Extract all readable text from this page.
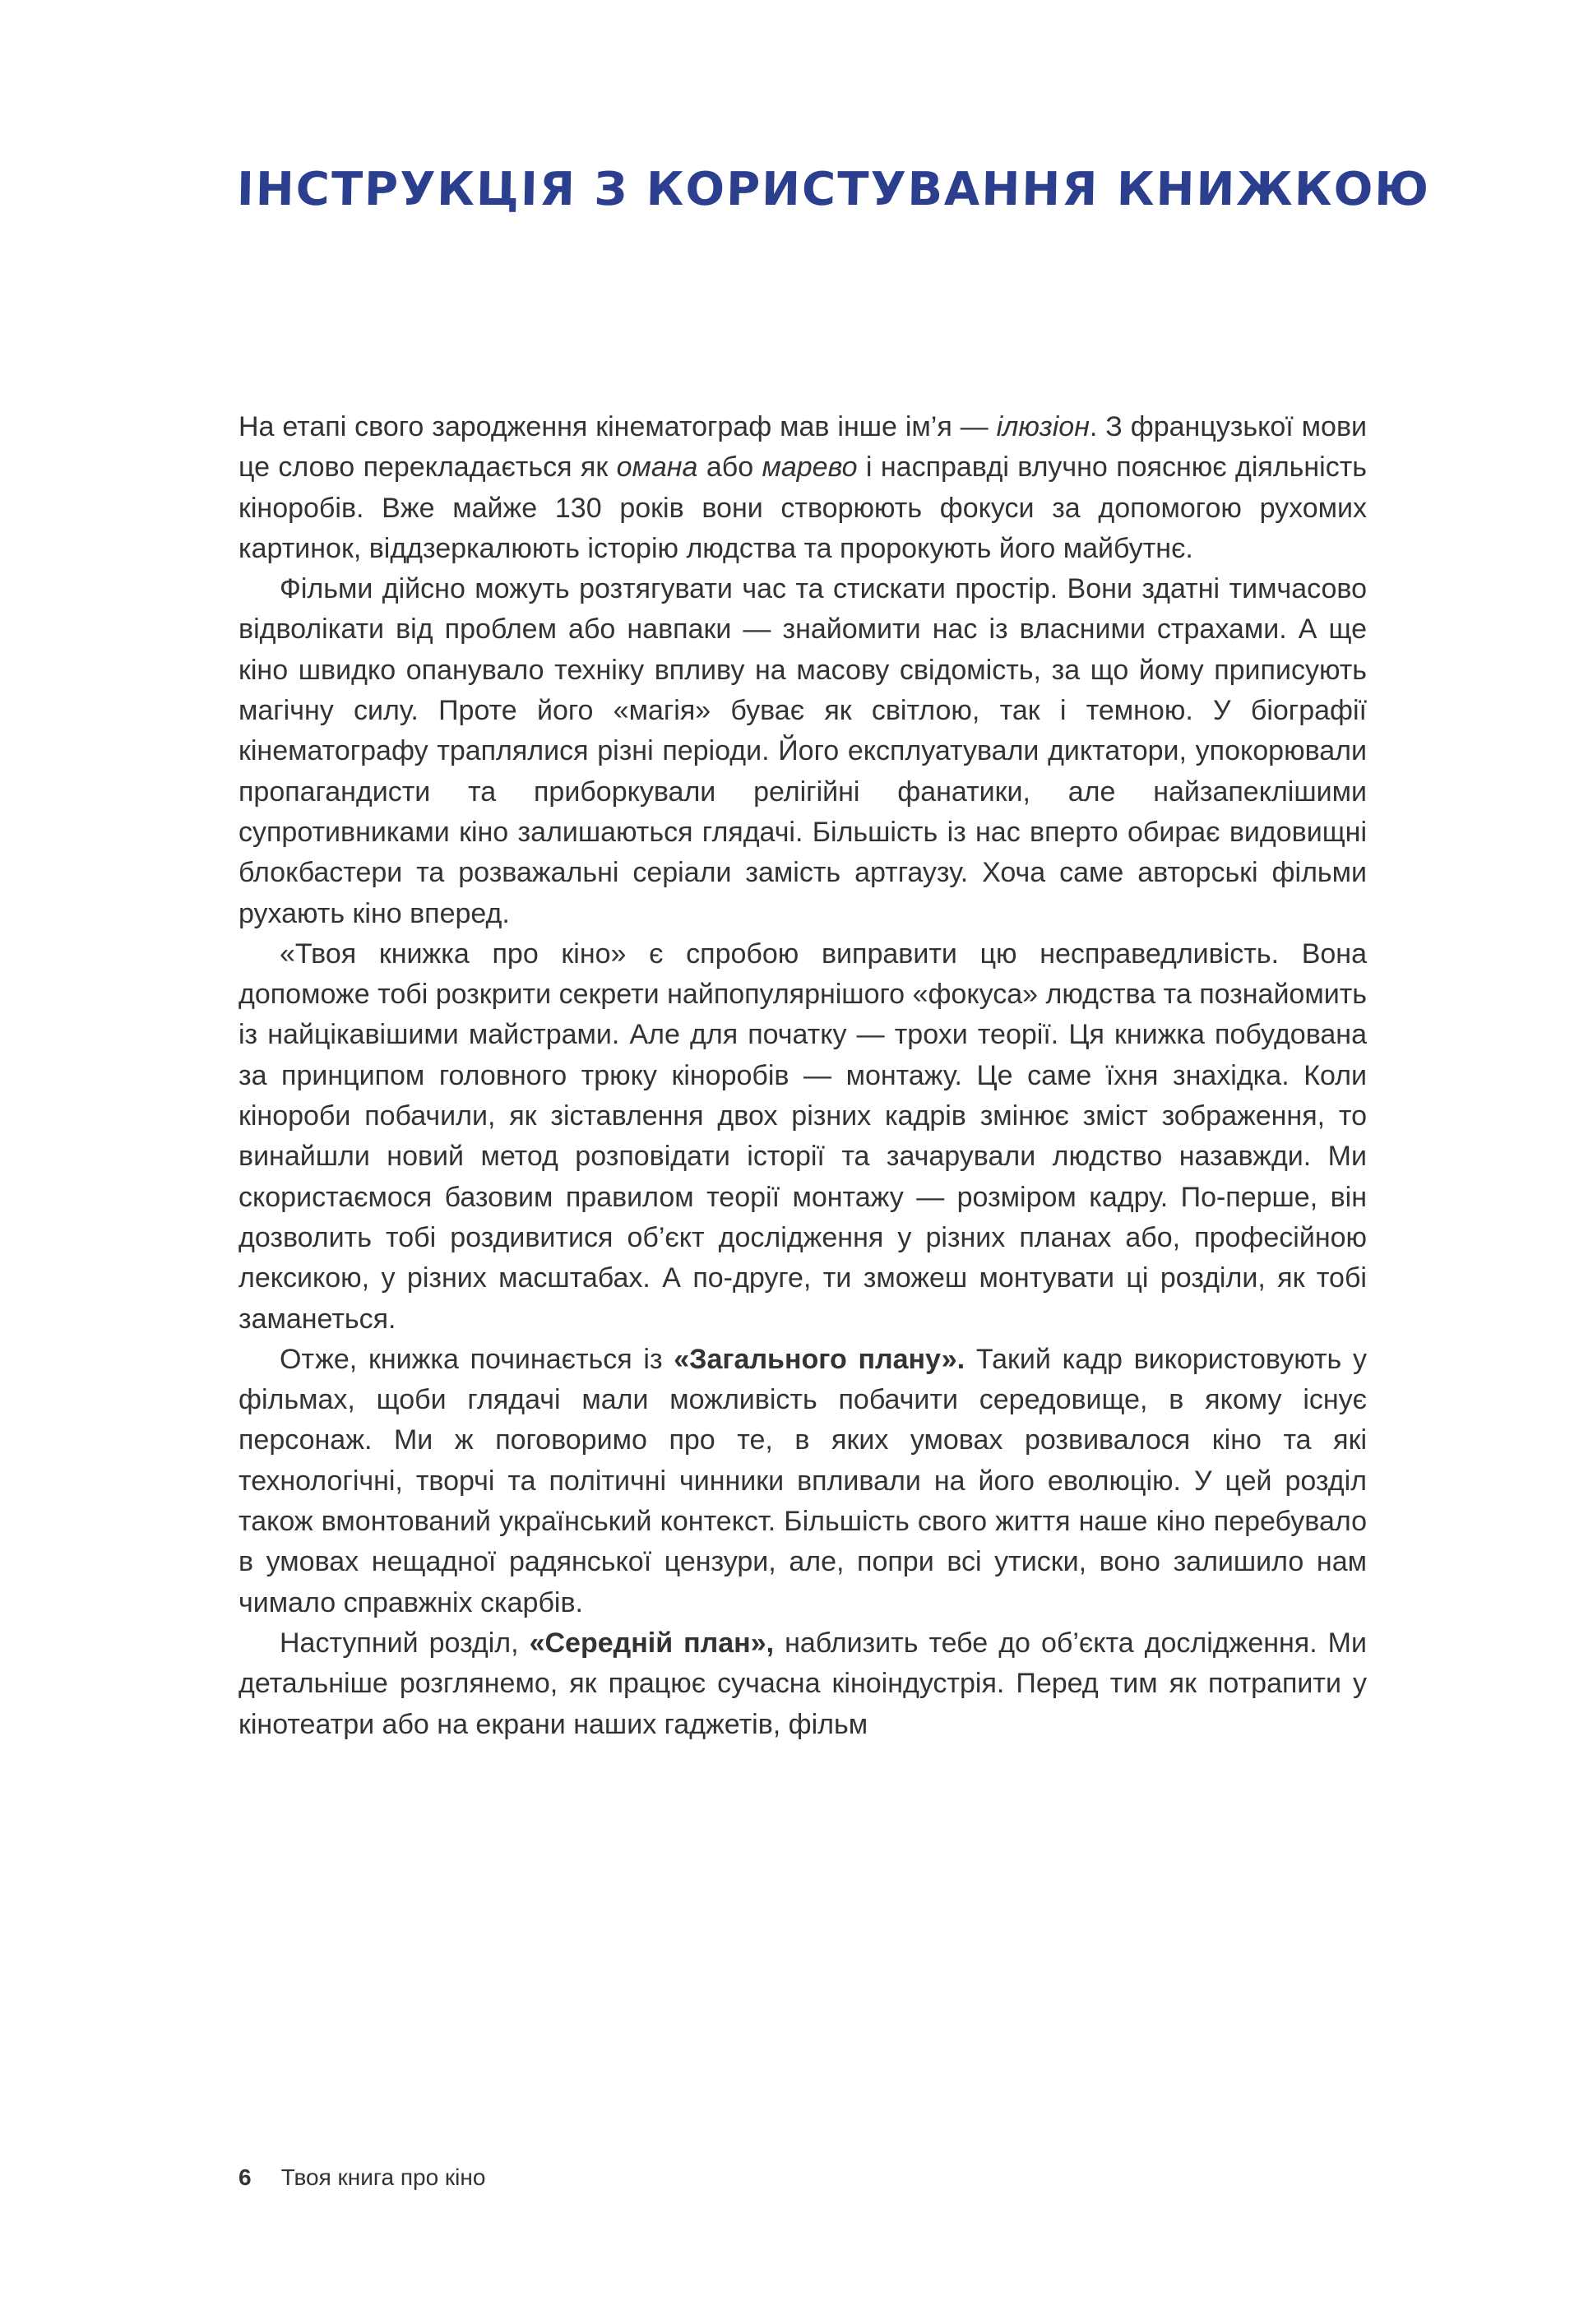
ІНСТРУКЦІЯ З КОРИСТУВАННЯ КНИЖКОЮ

На етапі свого зародження кінематограф мав інше ім’я — ілюзіон. З французької мови це слово перекладається як омана або марево і насправді влучно пояснює діяльність кіноробів. Вже майже 130 років вони створюють фокуси за допомогою рухомих картинок, віддзеркалюють історію людства та пророкують його майбутнє.

Фільми дійсно можуть розтягувати час та стискати простір. Вони здатні тимчасово відволікати від проблем або навпаки — знайомити нас із власними страхами. А ще кіно швидко опанувало техніку впливу на масову свідомість, за що йому приписують магічну силу. Проте його «магія» буває як світлою, так і темною. У біографії кінематографу траплялися різні періоди. Його експлуатували диктатори, упокорювали пропагандисти та приборкували релігійні фанатики, але найзапеклішими супротивниками кіно залишаються глядачі. Більшість із нас вперто обирає видовищні блокбастери та розважальні серіали замість артгаузу. Хоча саме авторські фільми рухають кіно вперед.

«Твоя книжка про кіно» є спробою виправити цю несправедливість. Вона допоможе тобі розкрити секрети найпопулярнішого «фокуса» людства та познайомить із найцікавішими майстрами. Але для початку — трохи теорії. Ця книжка побудована за принципом головного трюку кіноробів — монтажу. Це саме їхня знахідка. Коли кінороби побачили, як зіставлення двох різних кадрів змінює зміст зображення, то винайшли новий метод розповідати історії та зачарували людство назавжди. Ми скористаємося базовим правилом теорії монтажу — розміром кадру. По-перше, він дозволить тобі роздивитися об’єкт дослідження у різних планах або, професійною лексикою, у різних масштабах. А по-друге, ти зможеш монтувати ці розділи, як тобі заманеться.

Отже, книжка починається із «Загального плану». Такий кадр використовують у фільмах, щоби глядачі мали можливість побачити середовище, в якому існує персонаж. Ми ж поговоримо про те, в яких умовах розвивалося кіно та які технологічні, творчі та політичні чинники впливали на його еволюцію. У цей розділ також вмонтований український контекст. Більшість свого життя наше кіно перебувало в умовах нещадної радянської цензури, але, попри всі утиски, воно залишило нам чимало справжніх скарбів.

Наступний розділ, «Середній план», наблизить тебе до об’єкта дослідження. Ми детальніше розглянемо, як працює сучасна кіноіндустрія. Перед тим як потрапити у кінотеатри або на екрани наших гаджетів, фільм

6 Твоя книга про кіно
